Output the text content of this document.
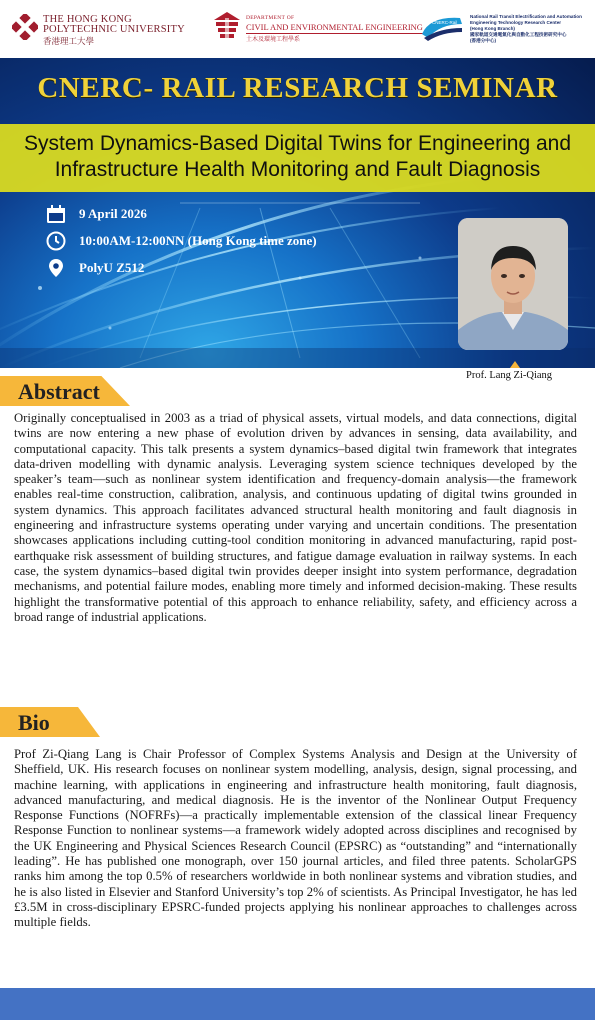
THE HONG KONG
POLYTECHNIC UNIVERSITY
香港理工大學
DEPARTMENT OF
CIVIL AND ENVIRONMENTAL ENGINEERING
土木及環境工程學系
CNERC-Rail
National Rail Transit Electrification and Automation
Engineering Technology Research Center
(Hong Kong Branch)
國家軌道交通電氣化與自動化工程技術研究中心
(香港分中心)
CNERC- RAIL RESEARCH SEMINAR
System Dynamics-Based Digital Twins for Engineering and
Infrastructure Health Monitoring and Fault Diagnosis
9 April 2026
10:00AM-12:00NN (Hong Kong time zone)
PolyU Z512
Prof. Lang Zi-Qiang
Abstract
Originally conceptualised in 2003 as a triad of physical assets, virtual models, and data connections, digital twins are now entering a new phase of evolution driven by advances in sensing, data availability, and computational capacity. This talk presents a system dynamics–based digital twin framework that integrates data-driven modelling with dynamic analysis. Leveraging system science techniques developed by the speaker’s team—such as nonlinear system identification and frequency-domain analysis—the framework enables real-time construction, calibration, analysis, and continuous updating of digital twins grounded in system dynamics. This approach facilitates advanced structural health monitoring and fault diagnosis in engineering and infrastructure systems operating under varying and uncertain conditions. The presentation showcases applications including cutting-tool condition monitoring in advanced manufacturing, rapid post-earthquake risk assessment of building structures, and fatigue damage evaluation in railway systems. In each case, the system dynamics–based digital twin provides deeper insight into system performance, degradation mechanisms, and potential failure modes, enabling more timely and informed decision-making. These results highlight the transformative potential of this approach to enhance reliability, safety, and efficiency across a broad range of industrial applications.
Bio
Prof Zi-Qiang Lang is Chair Professor of Complex Systems Analysis and Design at the University of Sheffield, UK. His research focuses on nonlinear system modelling, analysis, design, signal processing, and machine learning, with applications in engineering and infrastructure health monitoring, fault diagnosis, advanced manufacturing, and medical diagnosis. He is the inventor of the Nonlinear Output Frequency Response Functions (NOFRFs)—a practically implementable extension of the classical linear Frequency Response Function to nonlinear systems—a framework widely adopted across disciplines and recognised by the UK Engineering and Physical Sciences Research Council (EPSRC) as “outstanding” and “internationally leading”. He has published one monograph, over 150 journal articles, and filed three patents. ScholarGPS ranks him among the top 0.5% of researchers worldwide in both nonlinear systems and vibration studies, and he is also listed in Elsevier and Stanford University’s top 2% of scientists. As Principal Investigator, he has led £3.5M in cross-disciplinary EPSRC-funded projects applying his nonlinear approaches to challenges across multiple fields.
